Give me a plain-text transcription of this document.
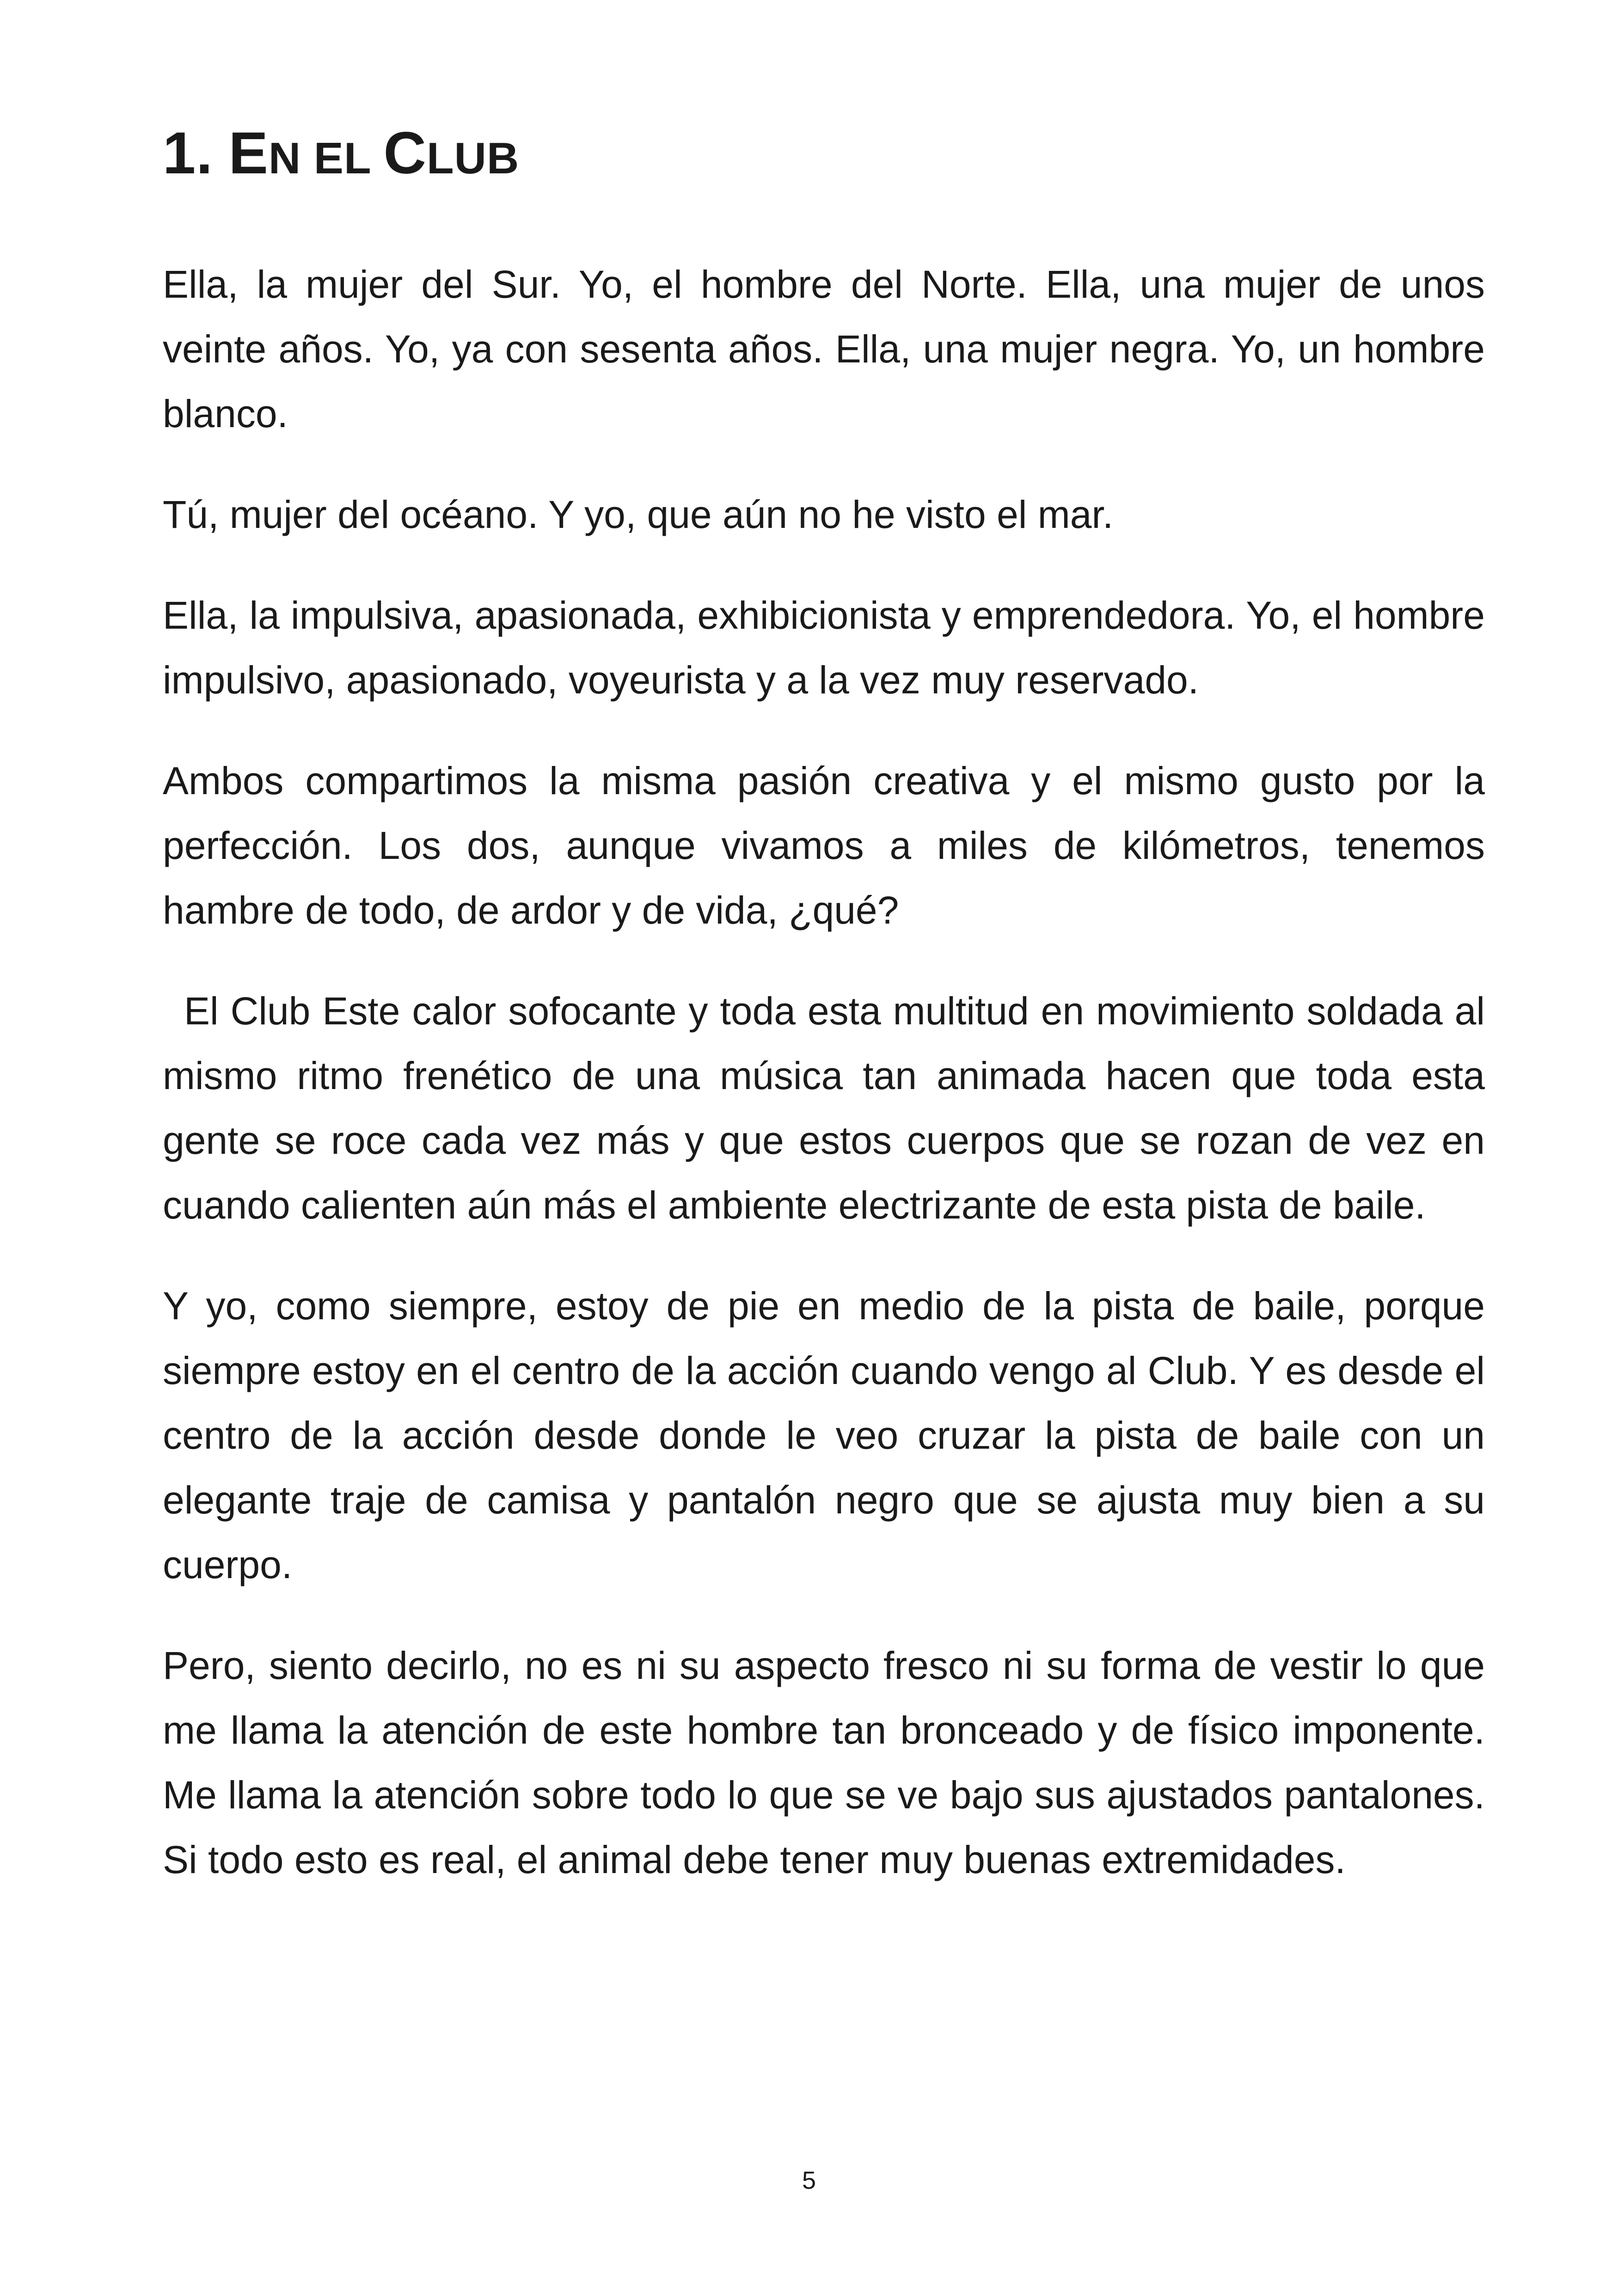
1. EN EL CLUB

Ella, la mujer del Sur. Yo, el hombre del Norte. Ella, una mujer de unos veinte años. Yo, ya con sesenta años. Ella, una mujer negra. Yo, un hombre blanco.

Tú, mujer del océano. Y yo, que aún no he visto el mar.

Ella, la impulsiva, apasionada, exhibicionista y emprendedora. Yo, el hombre impulsivo, apasionado, voyeurista y a la vez muy reservado.

Ambos compartimos la misma pasión creativa y el mismo gusto por la perfección. Los dos, aunque vivamos a miles de kilómetros, tenemos hambre de todo, de ardor y de vida, ¿qué?

El Club Este calor sofocante y toda esta multitud en movimiento soldada al mismo ritmo frenético de una música tan animada hacen que toda esta gente se roce cada vez más y que estos cuerpos que se rozan de vez en cuando calienten aún más el ambiente electrizante de esta pista de baile.

Y yo, como siempre, estoy de pie en medio de la pista de baile, porque siempre estoy en el centro de la acción cuando vengo al Club. Y es desde el centro de la acción desde donde le veo cruzar la pista de baile con un elegante traje de camisa y pantalón negro que se ajusta muy bien a su cuerpo.

Pero, siento decirlo, no es ni su aspecto fresco ni su forma de vestir lo que me llama la atención de este hombre tan bronceado y de físico imponente. Me llama la atención sobre todo lo que se ve bajo sus ajustados pantalones. Si todo esto es real, el animal debe tener muy buenas extremidades.

5
